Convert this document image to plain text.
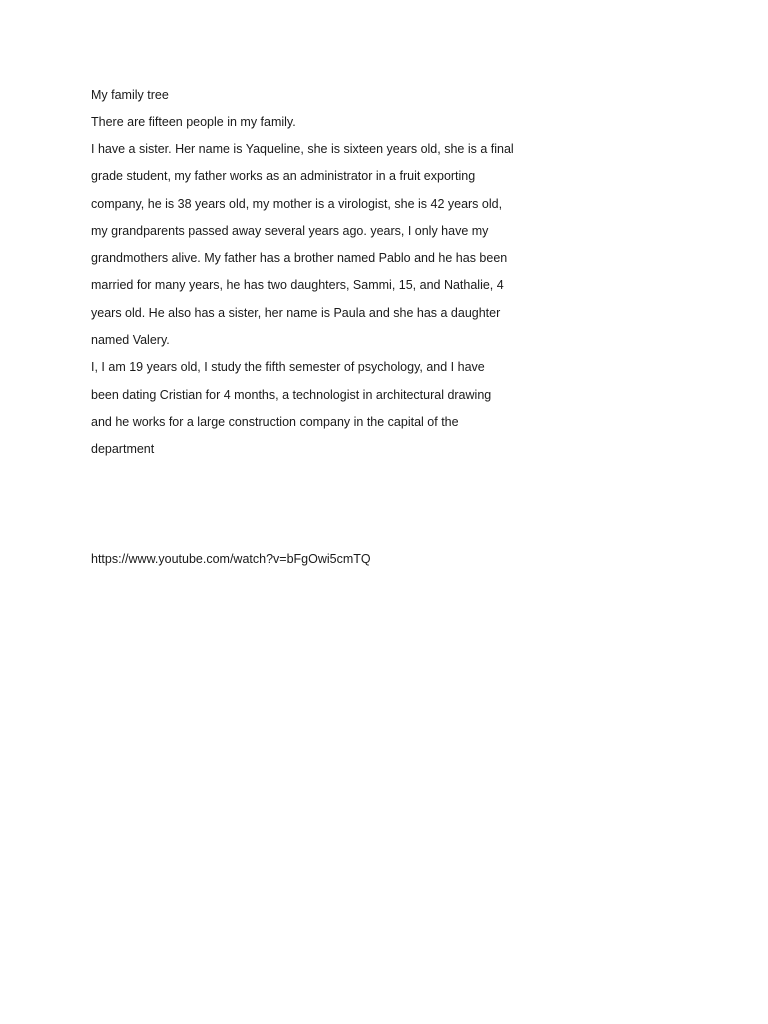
My family tree
There are fifteen people in my family.
I have a sister. Her name is Yaqueline, she is sixteen years old, she is a final
grade student, my father works as an administrator in a fruit exporting
company, he is 38 years old, my mother is a virologist, she is 42 years old,
my grandparents passed away several years ago. years, I only have my
grandmothers alive. My father has a brother named Pablo and he has been
married for many years, he has two daughters, Sammi, 15, and Nathalie, 4
years old. He also has a sister, her name is Paula and she has a daughter
named Valery.
I, I am 19 years old, I study the fifth semester of psychology, and I have
been dating Cristian for 4 months, a technologist in architectural drawing
and he works for a large construction company in the capital of the
department
https://www.youtube.com/watch?v=bFgOwi5cmTQ
